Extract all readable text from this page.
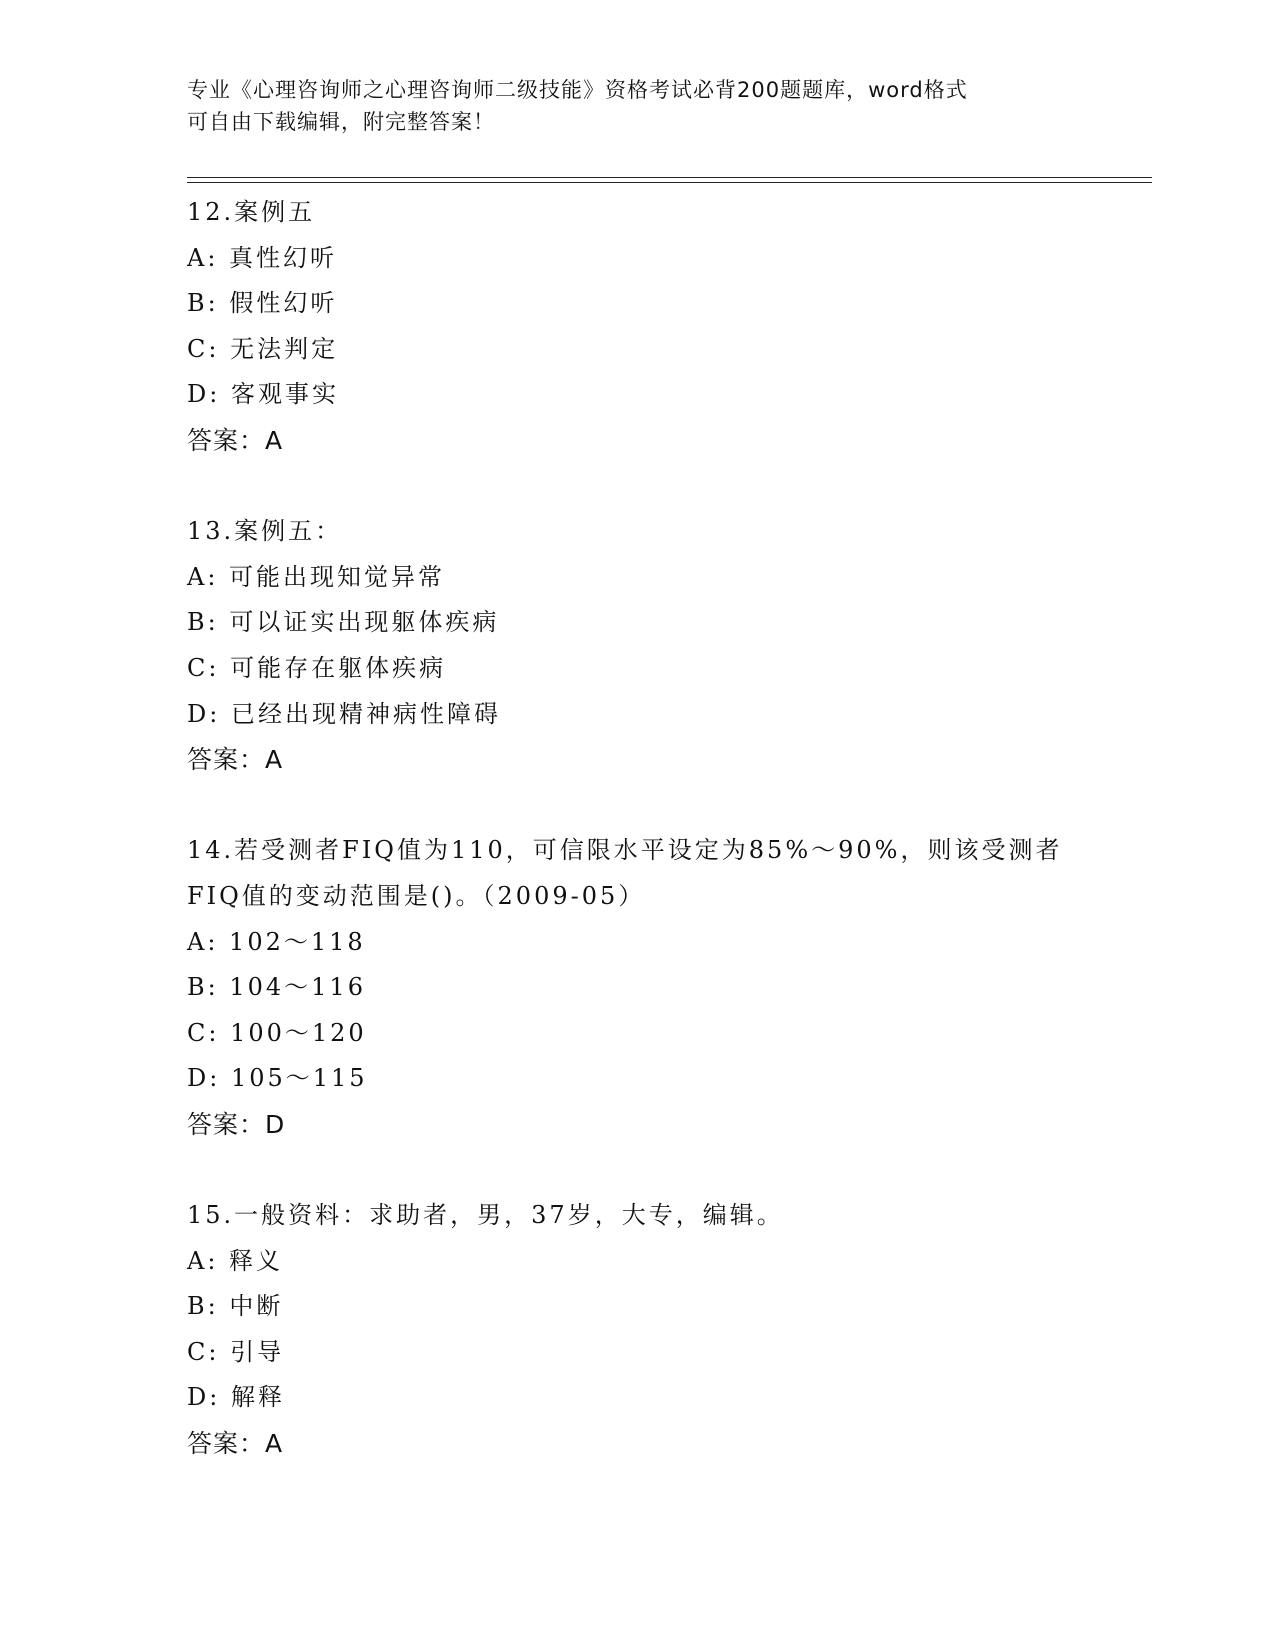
专业《心理咨询师之心理咨询师二级技能》资格考试必背200题题库，word格式
可自由下载编辑，附完整答案！
12.案例五
A: 真性幻听
B: 假性幻听
C: 无法判定
D: 客观事实
答案：A
13.案例五：
A: 可能出现知觉异常
B: 可以证实出现躯体疾病
C: 可能存在躯体疾病
D: 已经出现精神病性障碍
答案：A
14.若受测者FIQ值为110，可信限水平设定为85%～90%，则该受测者
FIQ值的变动范围是()。（2009-05）
A: 102～118
B: 104～116
C: 100～120
D: 105～115
答案：D
15.一般资料：求助者，男，37岁，大专，编辑。
A: 释义
B: 中断
C: 引导
D: 解释
答案：A
